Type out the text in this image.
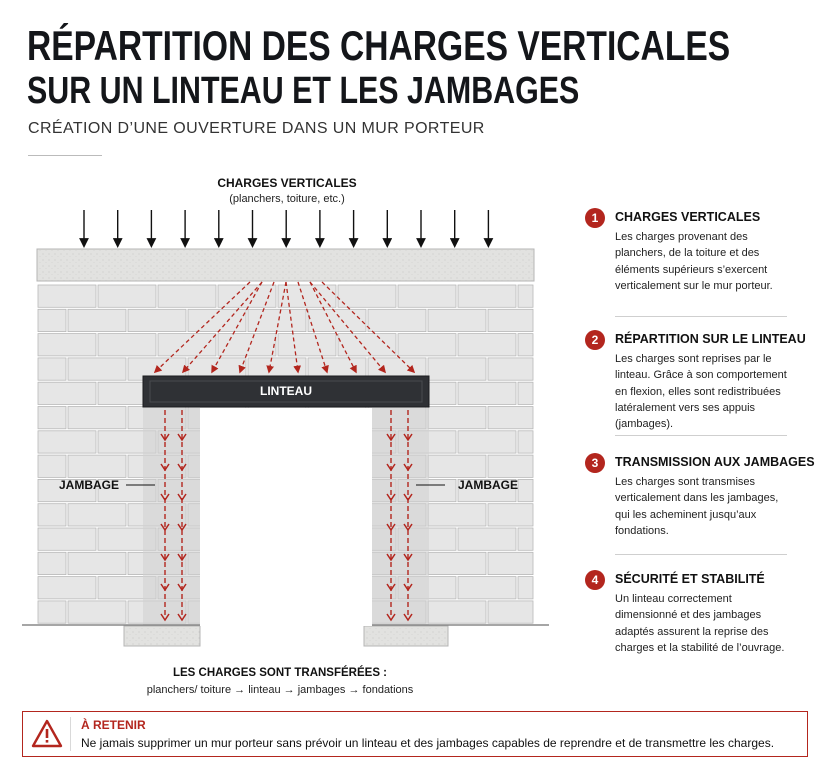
RÉPARTITION DES CHARGES VERTICALES
SUR UN LINTEAU ET LES JAMBAGES
CRÉATION D’UNE OUVERTURE DANS UN MUR PORTEUR
CHARGES VERTICALES
(planchers, toiture, etc.)
LINTEAU
JAMBAGE	JAMBAGE
LES CHARGES SONT TRANSFÉRÉES :
planchers/ toiture → linteau → jambages → fondations
1	CHARGES VERTICALES
Les charges provenant des planchers, de la toiture et des éléments supérieurs s’exercent verticalement sur le mur porteur.
2	RÉPARTITION SUR LE LINTEAU
Les charges sont reprises par le linteau. Grâce à son comportement en flexion, elles sont redistribuées latéralement vers ses appuis (jambages).
3	TRANSMISSION AUX JAMBAGES
Les charges sont transmises verticalement dans les jambages, qui les acheminent jusqu’aux fondations.
4	SÉCURITÉ ET STABILITÉ
Un linteau correctement dimensionné et des jambages adaptés assurent la reprise des charges et la stabilité de l’ouvrage.
À RETENIR
Ne jamais supprimer un mur porteur sans prévoir un linteau et des jambages capables de reprendre et de transmettre les charges.
